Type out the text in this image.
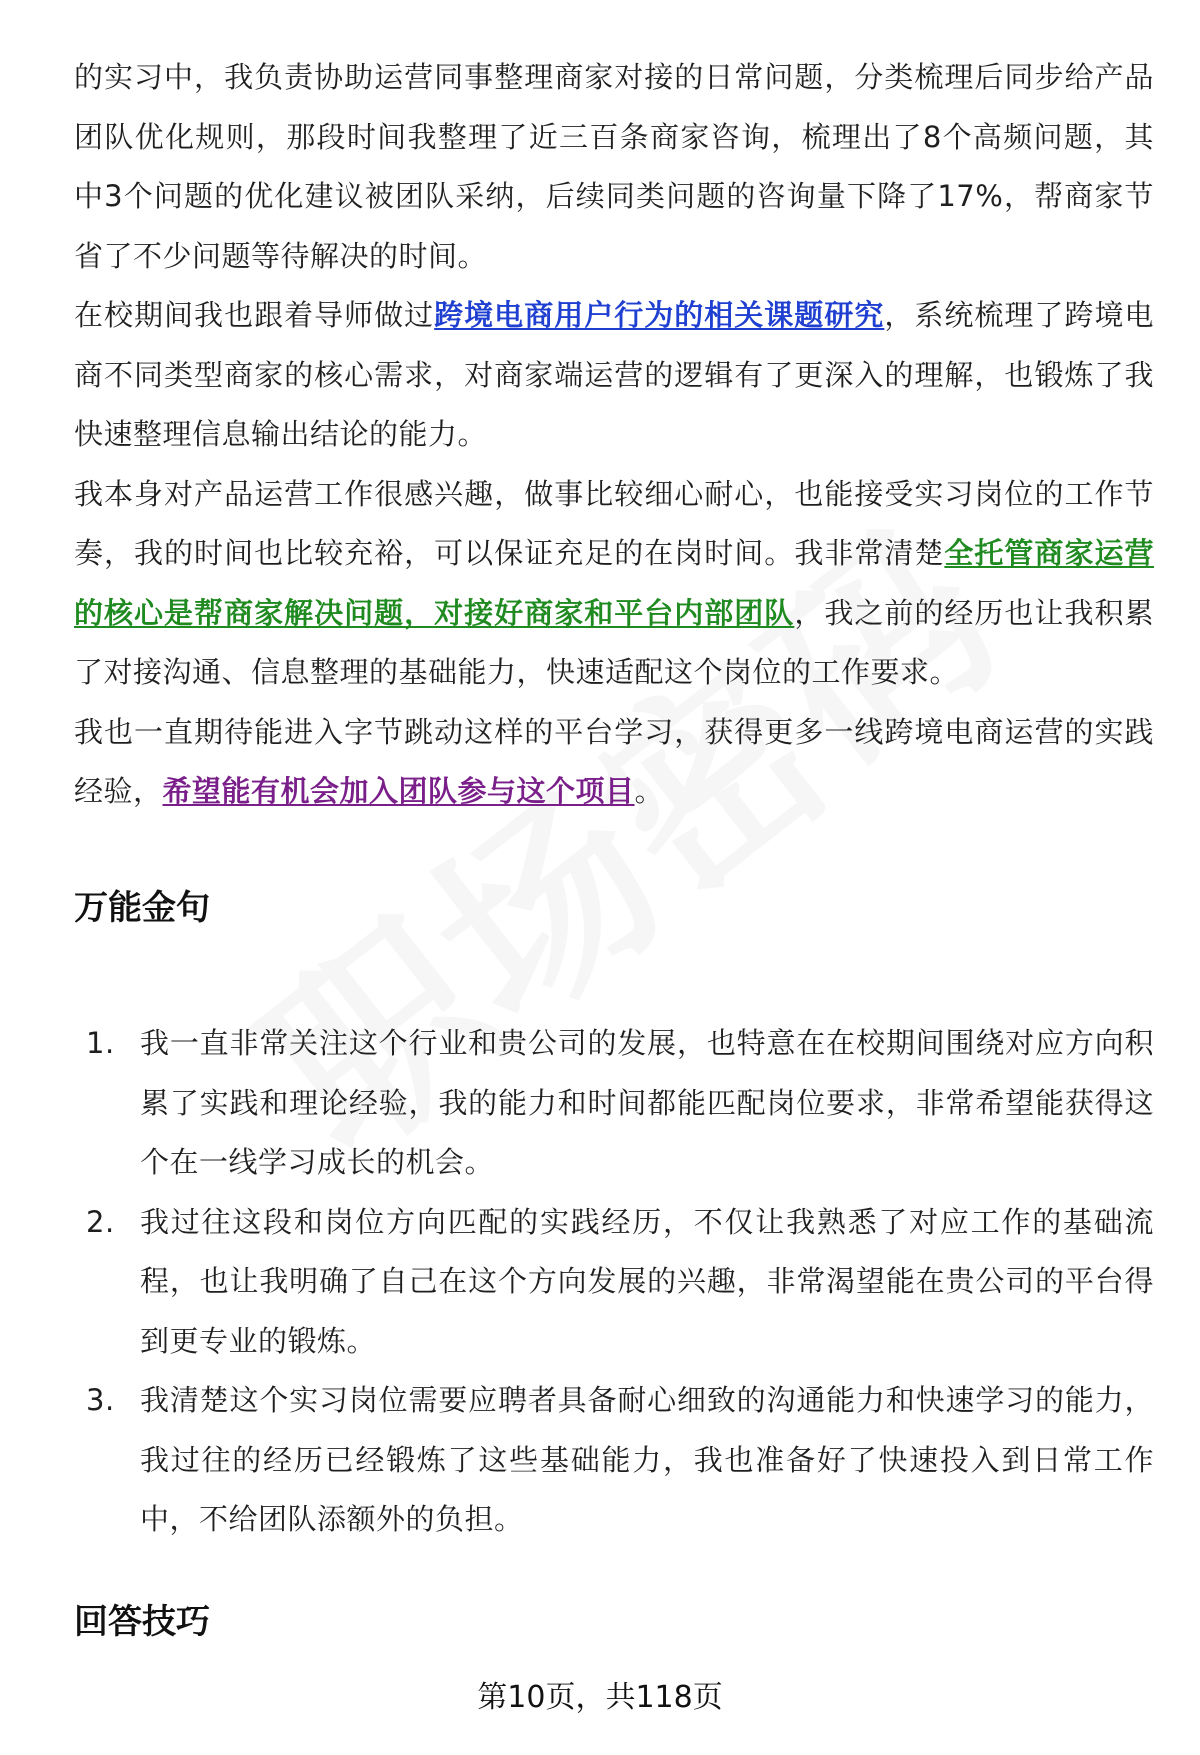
的实习中，我负责协助运营同事整理商家对接的日常问题，分类梳理后同步给产品团队优化规则，那段时间我整理了近三百条商家咨询，梳理出了8个高频问题，其中3个问题的优化建议被团队采纳，后续同类问题的咨询量下降了17%，帮商家节省了不少问题等待解决的时间。

在校期间我也跟着导师做过跨境电商用户行为的相关课题研究，系统梳理了跨境电商不同类型商家的核心需求，对商家端运营的逻辑有了更深入的理解，也锻炼了我快速整理信息输出结论的能力。

我本身对产品运营工作很感兴趣，做事比较细心耐心，也能接受实习岗位的工作节奏，我的时间也比较充裕，可以保证充足的在岗时间。我非常清楚全托管商家运营的核心是帮商家解决问题，对接好商家和平台内部团队，我之前的经历也让我积累了对接沟通、信息整理的基础能力，快速适配这个岗位的工作要求。

我也一直期待能进入字节跳动这样的平台学习，获得更多一线跨境电商运营的实践经验，希望能有机会加入团队参与这个项目。

万能金句
1. 我一直非常关注这个行业和贵公司的发展，也特意在在校期间围绕对应方向积累了实践和理论经验，我的能力和时间都能匹配岗位要求，非常希望能获得这个在一线学习成长的机会。
2. 我过往这段和岗位方向匹配的实践经历，不仅让我熟悉了对应工作的基础流程，也让我明确了自己在这个方向发展的兴趣，非常渴望能在贵公司的平台得到更专业的锻炼。
3. 我清楚这个实习岗位需要应聘者具备耐心细致的沟通能力和快速学习的能力，我过往的经历已经锻炼了这些基础能力，我也准备好了快速投入到日常工作中，不给团队添额外的负担。
回答技巧
第10页，共118页
